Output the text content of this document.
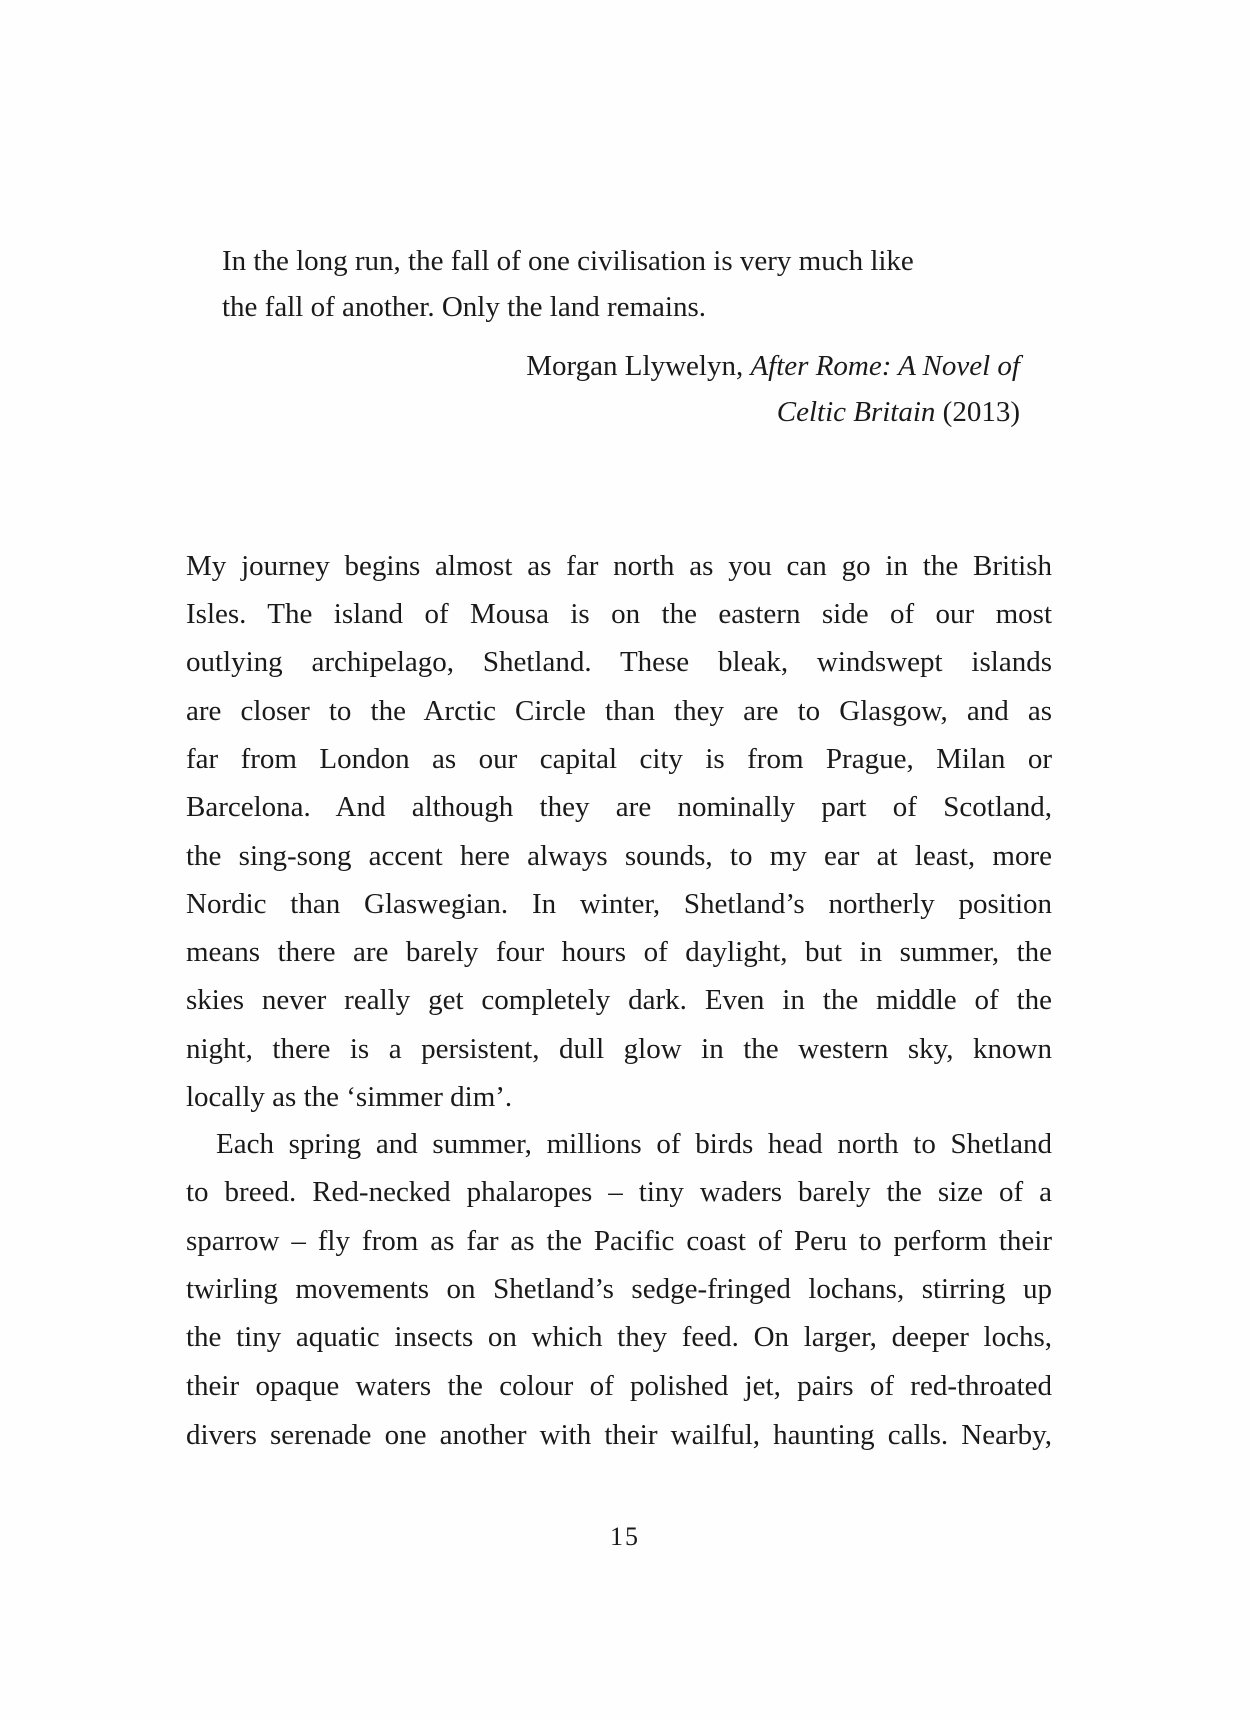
In the long run, the fall of one civilisation is very much like
the fall of another. Only the land remains.
Morgan Llywelyn, After Rome: A Novel of
Celtic Britain (2013)
My journey begins almost as far north as you can go in the British
Isles. The island of Mousa is on the eastern side of our most
outlying archipelago, Shetland. These bleak, windswept islands
are closer to the Arctic Circle than they are to Glasgow, and as
far from London as our capital city is from Prague, Milan or
Barcelona. And although they are nominally part of Scotland,
the sing-song accent here always sounds, to my ear at least, more
Nordic than Glaswegian. In winter, Shetland’s northerly position
means there are barely four hours of daylight, but in summer, the
skies never really get completely dark. Even in the middle of the
night, there is a persistent, dull glow in the western sky, known
locally as the ‘simmer dim’.
Each spring and summer, millions of birds head north to Shetland
to breed. Red-necked phalaropes – tiny waders barely the size of a
sparrow – fly from as far as the Pacific coast of Peru to perform their
twirling movements on Shetland’s sedge-fringed lochans, stirring up
the tiny aquatic insects on which they feed. On larger, deeper lochs,
their opaque waters the colour of polished jet, pairs of red-throated
divers serenade one another with their wailful, haunting calls. Nearby,
15
